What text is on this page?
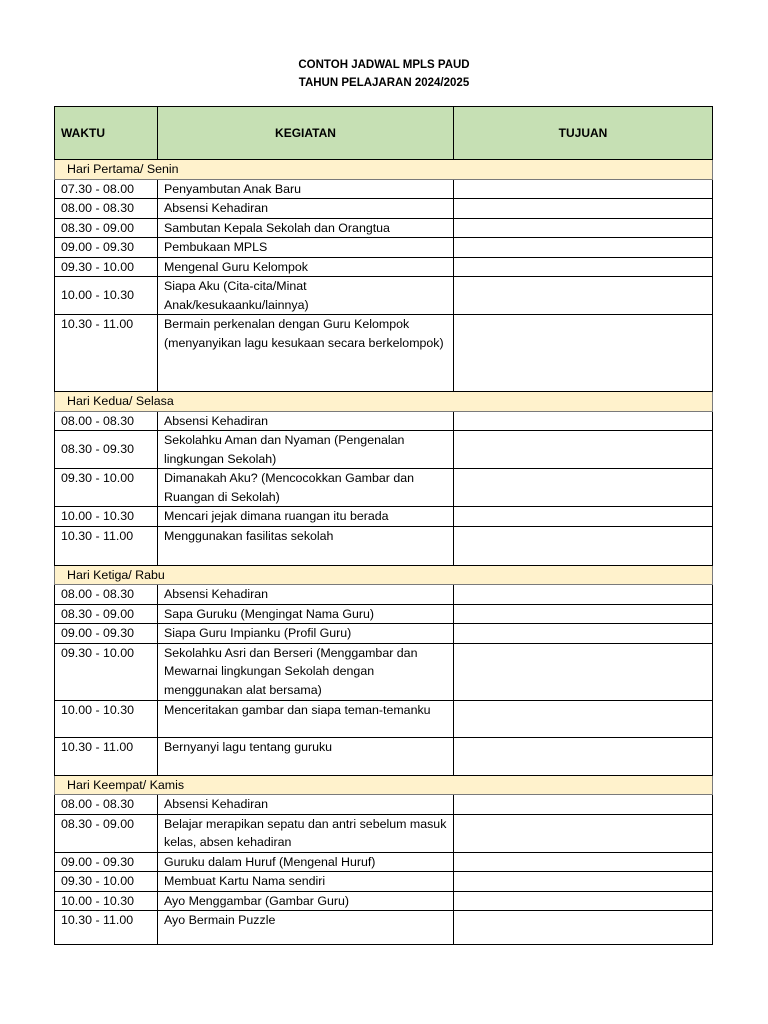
CONTOH JADWAL MPLS PAUD
TAHUN PELAJARAN 2024/2025
WAKTU	KEGIATAN	TUJUAN
Hari Pertama/ Senin		
07.30 - 08.00	Penyambutan Anak Baru	
08.00 - 08.30	Absensi Kehadiran	
08.30 - 09.00	Sambutan Kepala Sekolah dan Orangtua	
09.00 - 09.30	Pembukaan MPLS	
09.30 - 10.00	Mengenal Guru Kelompok	
10.00 - 10.30	Siapa Aku (Cita-cita/Minat Anak/kesukaanku/lainnya)	
10.30 - 11.00	Bermain perkenalan dengan Guru Kelompok (menyanyikan lagu kesukaan secara berkelompok)	
Hari Kedua/ Selasa		
08.00 - 08.30	Absensi Kehadiran	
08.30 - 09.30	Sekolahku Aman dan Nyaman (Pengenalan lingkungan Sekolah)	
09.30 - 10.00	Dimanakah Aku? (Mencocokkan Gambar dan Ruangan di Sekolah)	
10.00 - 10.30	Mencari jejak dimana ruangan itu berada	
10.30 - 11.00	Menggunakan fasilitas sekolah	
Hari Ketiga/ Rabu		
08.00 - 08.30	Absensi Kehadiran	
08.30 - 09.00	Sapa Guruku (Mengingat Nama Guru)	
09.00 - 09.30	Siapa Guru Impianku (Profil Guru)	
09.30 - 10.00	Sekolahku Asri dan Berseri (Menggambar dan Mewarnai lingkungan Sekolah dengan menggunakan alat bersama)	
10.00 - 10.30	Menceritakan gambar dan siapa teman-temanku	
10.30 - 11.00	Bernyanyi lagu tentang guruku	
Hari Keempat/ Kamis		
08.00 - 08.30	Absensi Kehadiran	
08.30 - 09.00	Belajar merapikan sepatu dan antri sebelum masuk kelas, absen kehadiran	
09.00 - 09.30	Guruku dalam Huruf (Mengenal Huruf)	
09.30 - 10.00	Membuat Kartu Nama sendiri	
10.00 - 10.30	Ayo Menggambar (Gambar Guru)	
10.30 - 11.00	Ayo Bermain Puzzle	
